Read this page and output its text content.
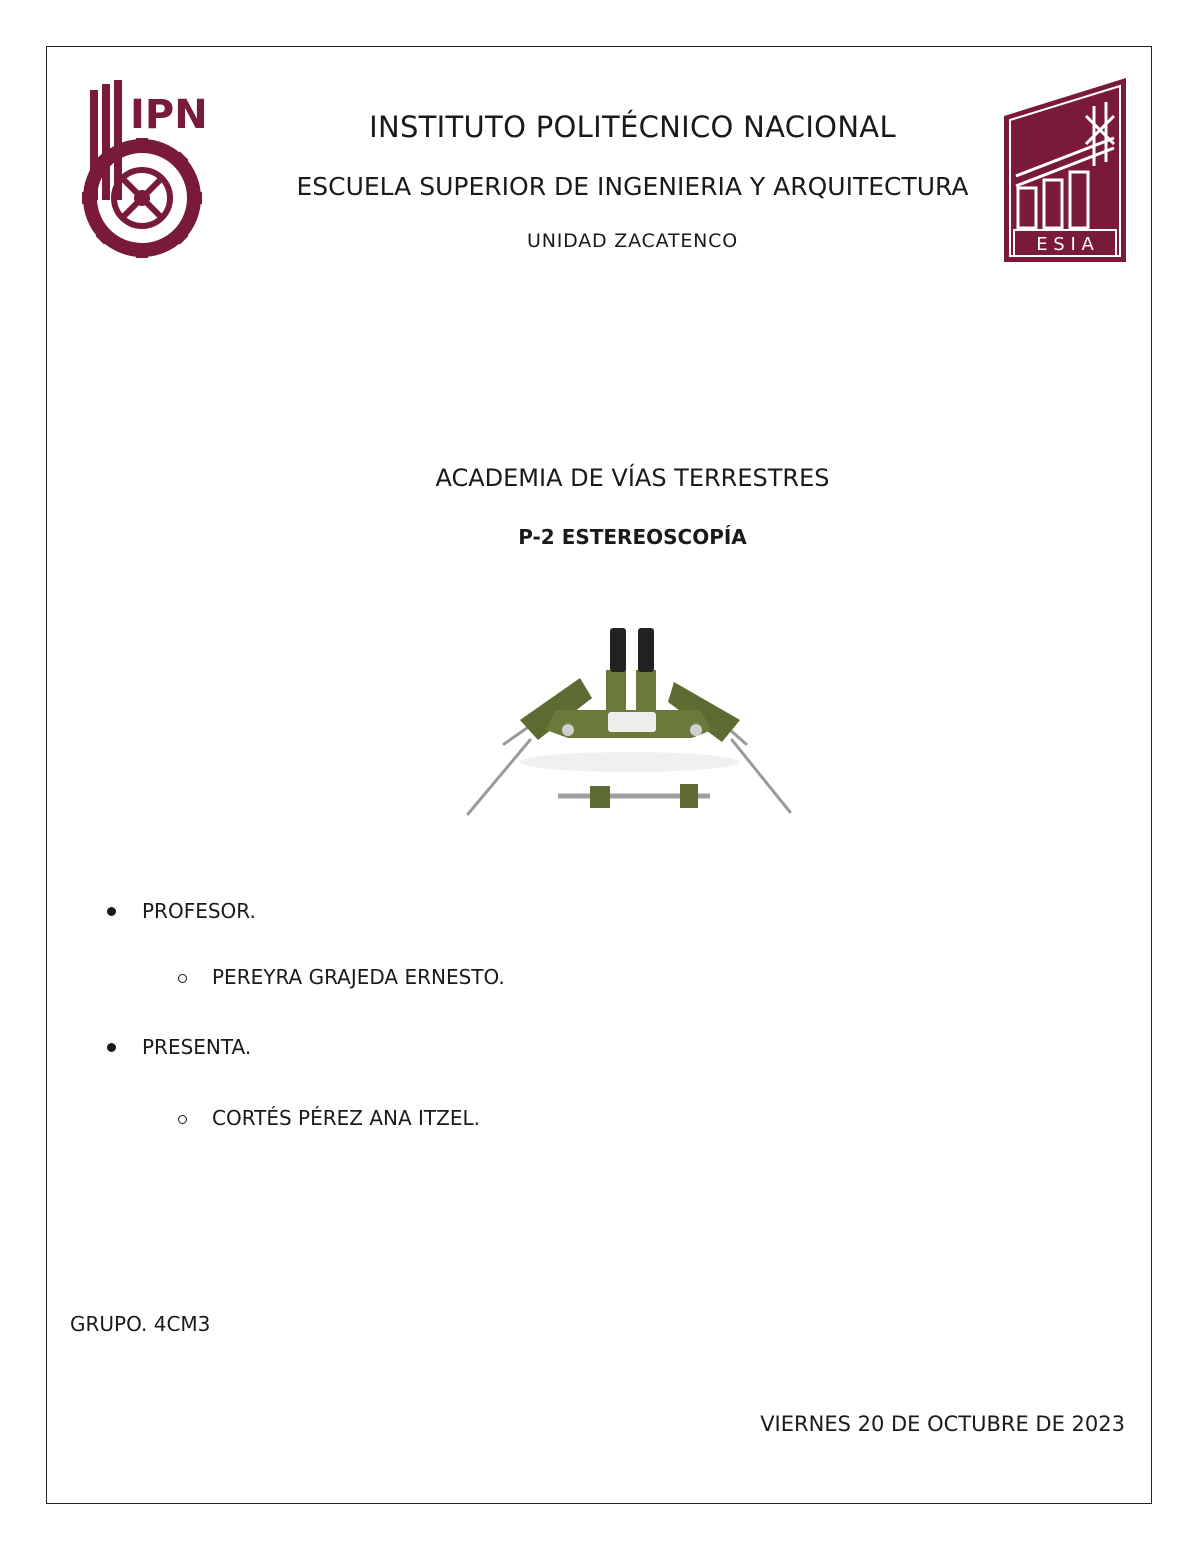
IPN
E S I A
INSTITUTO POLITÉCNICO NACIONAL
ESCUELA SUPERIOR DE INGENIERIA Y ARQUITECTURA
UNIDAD ZACATENCO
ACADEMIA DE VÍAS TERRESTRES
P-2 ESTEREOSCOPÍA
PROFESOR.
PEREYRA GRAJEDA ERNESTO.
PRESENTA.
CORTÉS PÉREZ ANA ITZEL.
GRUPO. 4CM3
VIERNES 20 DE OCTUBRE DE 2023
